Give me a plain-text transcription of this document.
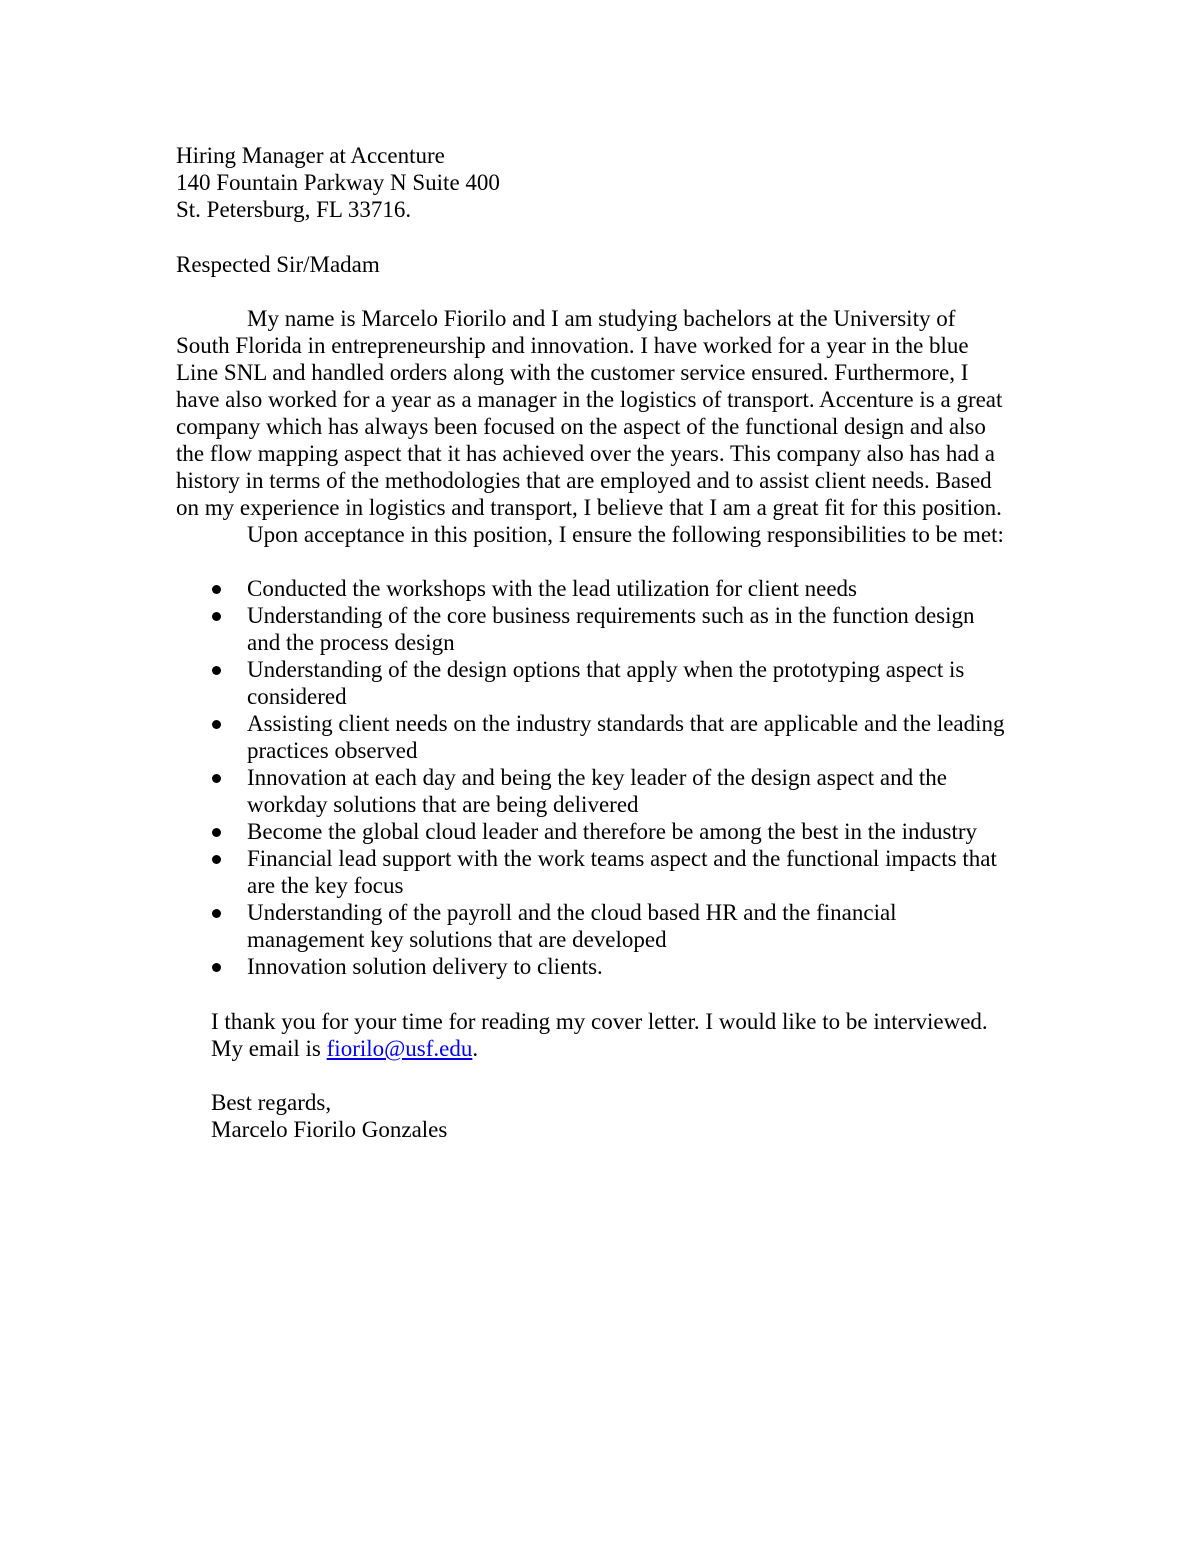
Hiring Manager at Accenture
140 Fountain Parkway N Suite 400
St. Petersburg, FL 33716.
Respected Sir/Madam
My name is Marcelo Fiorilo and I am studying bachelors at the University of
South Florida in entrepreneurship and innovation. I have worked for a year in the blue
Line SNL and handled orders along with the customer service ensured. Furthermore, I
have also worked for a year as a manager in the logistics of transport. Accenture is a great
company which has always been focused on the aspect of the functional design and also
the flow mapping aspect that it has achieved over the years. This company also has had a
history in terms of the methodologies that are employed and to assist client needs. Based
on my experience in logistics and transport, I believe that I am a great fit for this position.
Upon acceptance in this position, I ensure the following responsibilities to be met:
Conducted the workshops with the lead utilization for client needs
Understanding of the core business requirements such as in the function design
and the process design
Understanding of the design options that apply when the prototyping aspect is
considered
Assisting client needs on the industry standards that are applicable and the leading
practices observed
Innovation at each day and being the key leader of the design aspect and the
workday solutions that are being delivered
Become the global cloud leader and therefore be among the best in the industry
Financial lead support with the work teams aspect and the functional impacts that
are the key focus
Understanding of the payroll and the cloud based HR and the financial
management key solutions that are developed
Innovation solution delivery to clients.
I thank you for your time for reading my cover letter. I would like to be interviewed.
My email is fiorilo@usf.edu.
Best regards,
Marcelo Fiorilo Gonzales
